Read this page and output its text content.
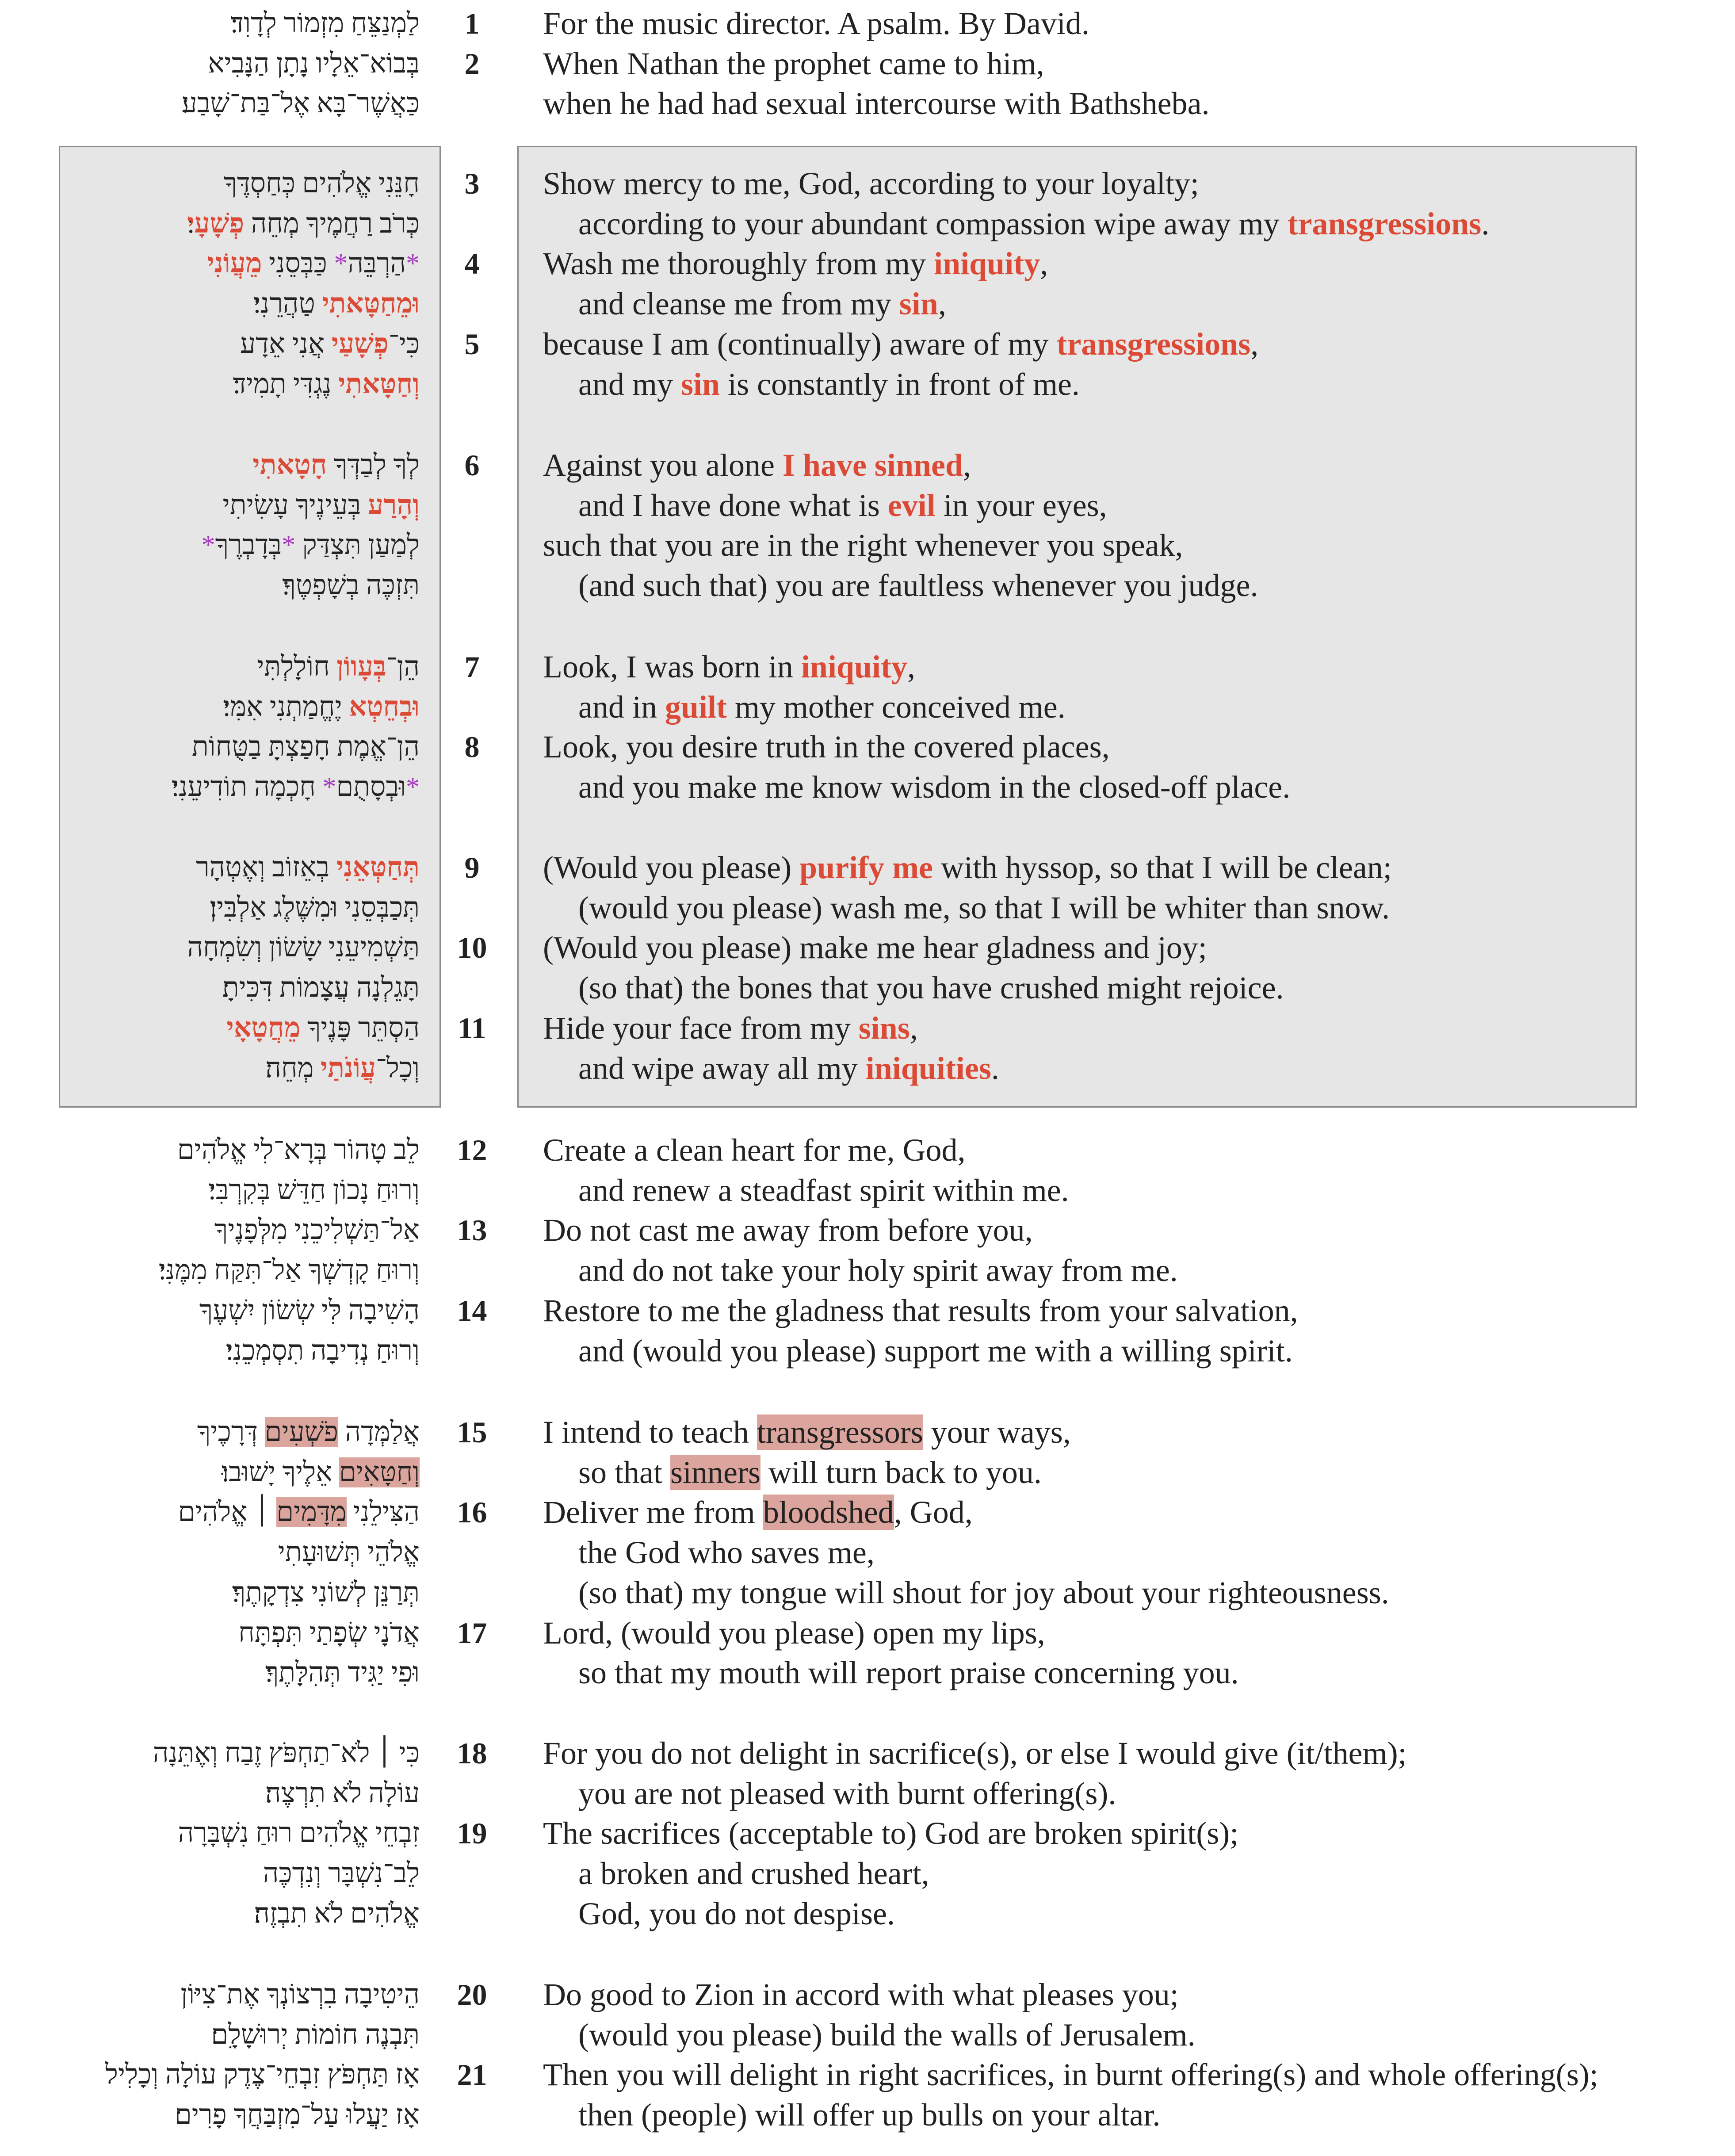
לַמְנַצֵּחַ מִזְמוֹר לְדָוִד׃	1	For the music director. A psalm. By David.
בְּבוֹא־אֵלָיו נָתָן הַנָּבִיא	2	When Nathan the prophet came to him,
כַּאֲשֶׁר־בָּא אֶל־בַּת־שָׁבַע׃	when he had had sexual intercourse with Bathsheba.
חָנֵּנִי אֱלֹהִים כְּחַסְדֶּךָ	3	Show mercy to me, God, according to your loyalty;
כְּרֹב רַחֲמֶיךָ מְחֵה פְשָׁעָי	according to your abundant compassion wipe away my transgressions.
*הַרְבֵּה* כַּבְּסֵנִי מֵעֲוֹנִי	4	Wash me thoroughly from my iniquity,
וּמֵחַטָּאתִי טַהֲרֵנִי׃	and cleanse me from my sin,
כִּי־פְשָׁעַי אֲנִי אֵדָע	5	because I am (continually) aware of my transgressions,
וְחַטָּאתִי נֶגְדִּי תָמִיד׃	and my sin is constantly in front of me.
לְךָ לְבַדְּךָ חָטָאתִי	6	Against you alone I have sinned,
וְהָרַע בְּעֵינֶיךָ עָשִׂיתִי	and I have done what is evil in your eyes,
לְמַעַן תִּצְדַּק *בְּדָבְרֶךָ*	such that you are in the right whenever you speak,
תִּזְכֶּה בְשָׁפְטֶךָ׃	(and such that) you are faultless whenever you judge.
הֵן־בְּעָווֹן חוֹלָלְתִּי	7	Look, I was born in iniquity,
וּבְחֵטְא יֶחֱמַתְנִי אִמִּי׃	and in guilt my mother conceived me.
הֵן־אֱמֶת חָפַצְתָּ בַטֻּחוֹת	8	Look, you desire truth in the covered places,
*וּבְסָתֻם* חָכְמָה תוֹדִיעֵנִי׃	and you make me know wisdom in the closed-off place.
תְּחַטְּאֵנִי בְאֵזוֹב וְאֶטְהָר	9	(Would you please) purify me with hyssop, so that I will be clean;
תְּכַבְּסֵנִי וּמִשֶּׁלֶג אַלְבִּין׃	(would you please) wash me, so that I will be whiter than snow.
תַּשְׁמִיעֵנִי שָׂשׂוֹן וְשִׂמְחָה	10	(Would you please) make me hear gladness and joy;
תָּגֵלְנָה עֲצָמוֹת דִּכִּיתָ׃	(so that) the bones that you have crushed might rejoice.
הַסְתֵּר פָּנֶיךָ מֵחֲטָאָי	11	Hide your face from my sins,
וְכָל־עֲוֹנֹתַי מְחֵה׃	and wipe away all my iniquities.
לֵב טָהוֹר בְּרָא־לִי אֱלֹהִים	12	Create a clean heart for me, God,
וְרוּחַ נָכוֹן חַדֵּשׁ בְּקִרְבִּי׃	and renew a steadfast spirit within me.
אַל־תַּשְׁלִיכֵנִי מִלְּפָנֶיךָ	13	Do not cast me away from before you,
וְרוּחַ קָדְשְׁךָ אַל־תִּקַּח מִמֶּנִּי׃	and do not take your holy spirit away from me.
הָשִׁיבָה לִּי שְׂשׂוֹן יִשְׁעֶךָ	14	Restore to me the gladness that results from your salvation,
וְרוּחַ נְדִיבָה תִסְמְכֵנִי׃	and (would you please) support me with a willing spirit.
אֲלַמְּדָה פֹשְׁעִים דְּרָכֶיךָ	15	I intend to teach transgressors your ways,
וְחַטָּאִים אֵלֶיךָ יָשׁוּבוּ׃	so that sinners will turn back to you.
הַצִּילֵנִי מִדָּמִים ׀ אֱלֹהִים	16	Deliver me from bloodshed, God,
אֱלֹהֵי תְּשׁוּעָתִי	the God who saves me,
תְּרַנֵּן לְשׁוֹנִי צִדְקָתֶךָ׃	(so that) my tongue will shout for joy about your righteousness.
אֲדֹנָי שְׂפָתַי תִּפְתָּח	17	Lord, (would you please) open my lips,
וּפִי יַגִּיד תְּהִלָּתֶךָ׃	so that my mouth will report praise concerning you.
כִּי ׀ לֹא־תַחְפֹּץ זֶבַח וְאֶתֵּנָה	18	For you do not delight in sacrifice(s), or else I would give (it/them);
עוֹלָה לֹא תִרְצֶה׃	you are not pleased with burnt offering(s).
זִבְחֵי אֱלֹהִים רוּחַ נִשְׁבָּרָה	19	The sacrifices (acceptable to) God are broken spirit(s);
לֵב־נִשְׁבָּר וְנִדְכֶּה	a broken and crushed heart,
אֱלֹהִים לֹא תִבְזֶה׃	God, you do not despise.
הֵיטִיבָה בִרְצוֹנְךָ אֶת־צִיּוֹן	20	Do good to Zion in accord with what pleases you;
תִּבְנֶה חוֹמוֹת יְרוּשָׁלָ͏ִם׃	(would you please) build the walls of Jerusalem.
אָז תַּחְפֹּץ זִבְחֵי־צֶדֶק עוֹלָה וְכָלִיל	21	Then you will delight in right sacrifices, in burnt offering(s) and whole offering(s);
אָז יַעֲלוּ עַל־מִזְבַּחֲךָ פָרִים׃	then (people) will offer up bulls on your altar.
